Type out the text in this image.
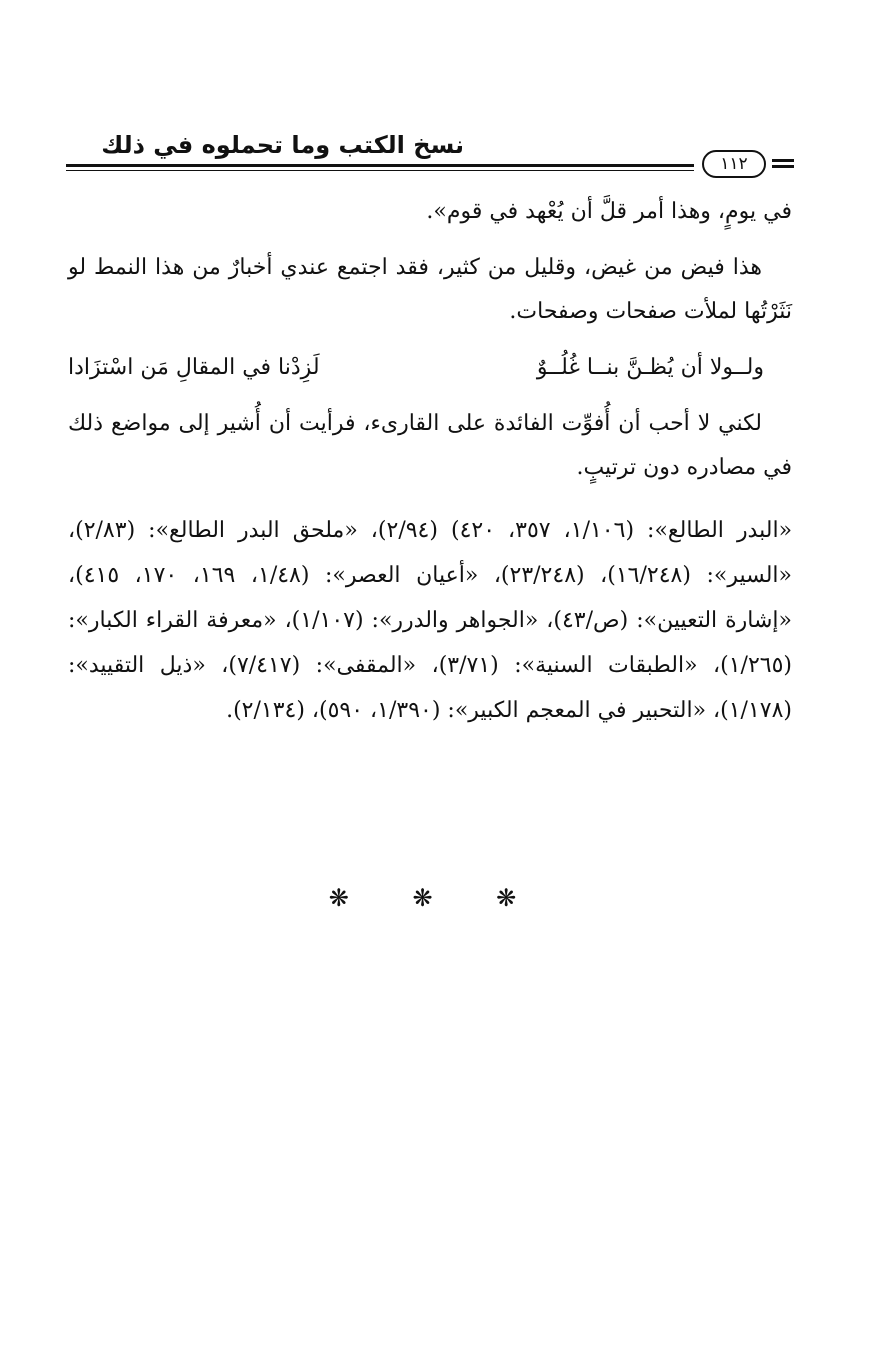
نسخ الكتب وما تحملوه في ذلك
١١٢

في يومٍ، وهذا أمر قلَّ أن يُعْهد في قوم».

هذا فيض من غيض، وقليل من كثير، فقد اجتمع عندي أخبارٌ من هذا النمط لو نَثَرْتُها لملأت صفحات وصفحات.

ولــولا أن يُظـنَّ بنــا غُلُــوٌ
لَزِدْنا في المقالِ مَن اسْتزَادا

لكني لا أحب أن أُفوِّت الفائدة على القارىء، فرأيت أن أُشير إلى مواضع ذلك في مصادره دون ترتيبٍ.

«البدر الطالع»: (١/١٠٦، ٣٥٧، ٤٢٠) (٢/٩٤)، «ملحق البدر الطالع»: (٢/٨٣)، «السير»: (١٦/٢٤٨)، (٢٣/٢٤٨)، «أعيان العصر»: (١/٤٨، ١٦٩، ١٧٠، ٤١٥)، «إشارة التعيين»: (ص/٤٣)، «الجواهر والدرر»: (١/١٠٧)، «معرفة القراء الكبار»: (١/٢٦٥)، «الطبقات السنية»: (٣/٧١)، «المقفى»: (٧/٤١٧)، «ذيل التقييد»: (١/١٧٨)، «التحبير في المعجم الكبير»: (١/٣٩٠، ٥٩٠)، (٢/١٣٤).

❋ ❋ ❋
